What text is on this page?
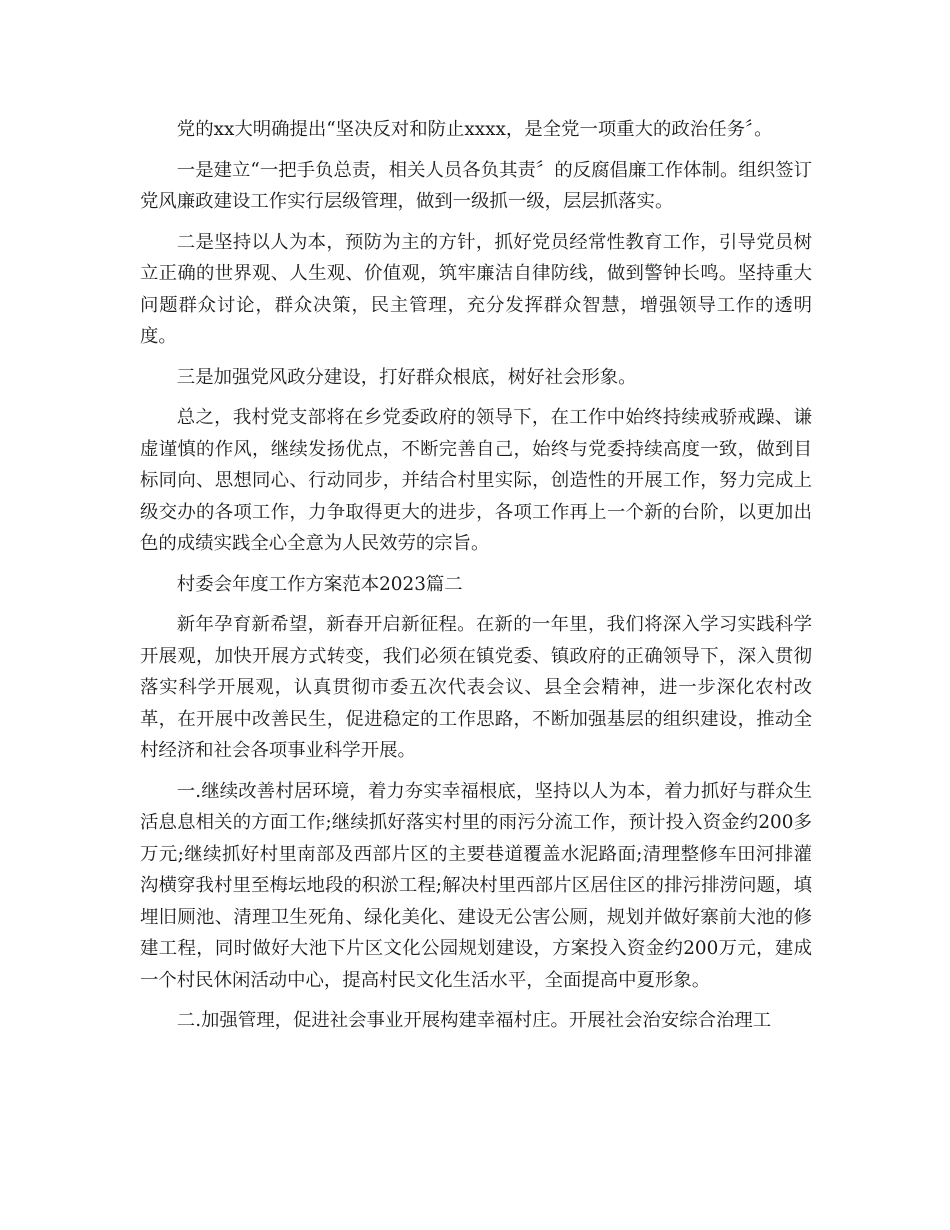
党的xx大明确提出“坚决反对和防止xxxx，是全党一项重大的政治任务〞。

一是建立“一把手负总责，相关人员各负其责〞的反腐倡廉工作体制。组织签订党风廉政建设工作实行层级管理，做到一级抓一级，层层抓落实。

二是坚持以人为本，预防为主的方针，抓好党员经常性教育工作，引导党员树立正确的世界观、人生观、价值观，筑牢廉洁自律防线，做到警钟长鸣。坚持重大问题群众讨论，群众决策，民主管理，充分发挥群众智慧，增强领导工作的透明度。

三是加强党风政分建设，打好群众根底，树好社会形象。

总之，我村党支部将在乡党委政府的领导下，在工作中始终持续戒骄戒躁、谦虚谨慎的作风，继续发扬优点，不断完善自己，始终与党委持续高度一致，做到目标同向、思想同心、行动同步，并结合村里实际，创造性的开展工作，努力完成上级交办的各项工作，力争取得更大的进步，各项工作再上一个新的台阶，以更加出色的成绩实践全心全意为人民效劳的宗旨。

村委会年度工作方案范本2023篇二

新年孕育新希望，新春开启新征程。在新的一年里，我们将深入学习实践科学开展观，加快开展方式转变，我们必须在镇党委、镇政府的正确领导下，深入贯彻落实科学开展观，认真贯彻市委五次代表会议、县全会精神，进一步深化农村改革，在开展中改善民生，促进稳定的工作思路，不断加强基层的组织建设，推动全村经济和社会各项事业科学开展。

一.继续改善村居环境，着力夯实幸福根底，坚持以人为本，着力抓好与群众生活息息相关的方面工作;继续抓好落实村里的雨污分流工作，预计投入资金约200多万元;继续抓好村里南部及西部片区的主要巷道覆盖水泥路面;清理整修车田河排灌沟横穿我村里至梅坛地段的积淤工程;解决村里西部片区居住区的排污排涝问题，填埋旧厕池、清理卫生死角、绿化美化、建设无公害公厕，规划并做好寨前大池的修建工程，同时做好大池下片区文化公园规划建设，方案投入资金约200万元，建成一个村民休闲活动中心，提高村民文化生活水平，全面提高中夏形象。

二.加强管理，促进社会事业开展构建幸福村庄。开展社会治安综合治理工
